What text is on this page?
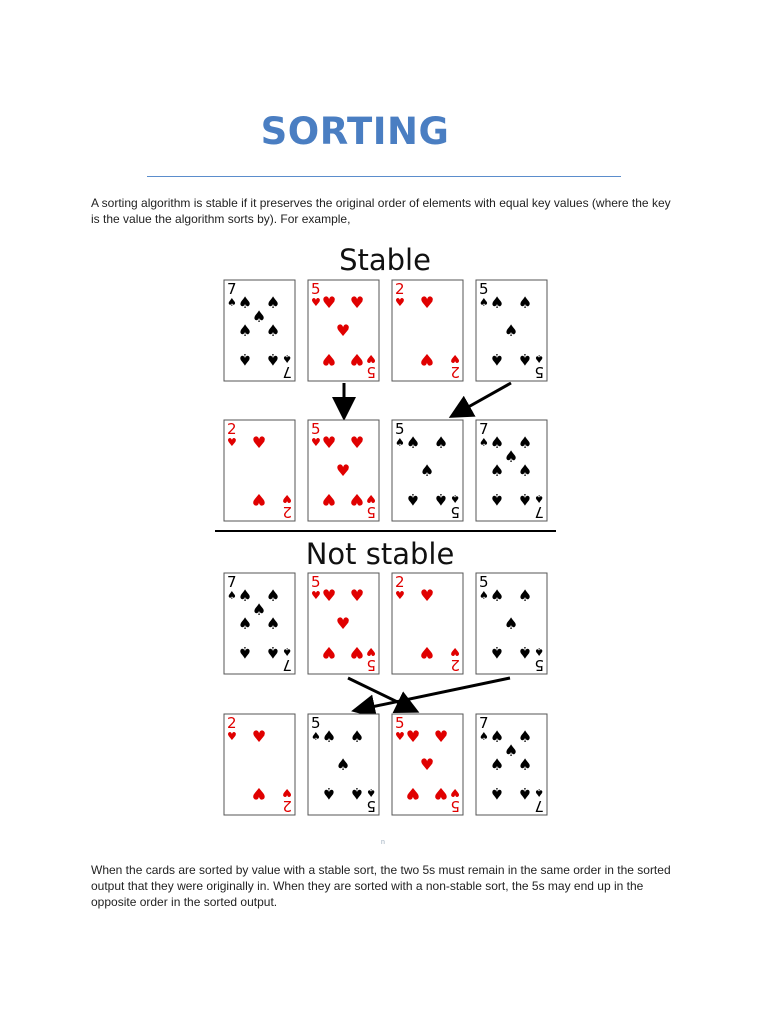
SORTING
A sorting algorithm is stable if it preserves the original order of elements with equal key values (where the key is the value the algorithm sorts by). For example,
Stable
Not stable
7
♠
7
♠
♠ ♠
♠
♠ ♠
♠ ♠
5
♥
5
♥
♥ ♥
♥
♥ ♥
2
♥
2
♥
♥
♥
5
♠
5
♠
♠ ♠
♠
♠ ♠
2
♥
2
♥
♥
♥
5
♥
5
♥
♥ ♥
♥
♥ ♥
5
♠
5
♠
♠ ♠
♠
♠ ♠
7
♠
7
♠
♠ ♠
♠
♠ ♠
♠ ♠
7
♠
7
♠
♠ ♠
♠
♠ ♠
♠ ♠
5
♥
5
♥
♥ ♥
♥
♥ ♥
2
♥
2
♥
♥
♥
5
♠
5
♠
♠ ♠
♠
♠ ♠
2
♥
2
♥
♥
♥
5
♠
5
♠
♠ ♠
♠
♠ ♠
5
♥
5
♥
♥ ♥
♥
♥ ♥
7
♠
7
♠
♠ ♠
♠
♠ ♠
♠ ♠
n
When the cards are sorted by value with a stable sort, the two 5s must remain in the same order in the sorted output that they were originally in. When they are sorted with a non-stable sort, the 5s may end up in the opposite order in the sorted output.
